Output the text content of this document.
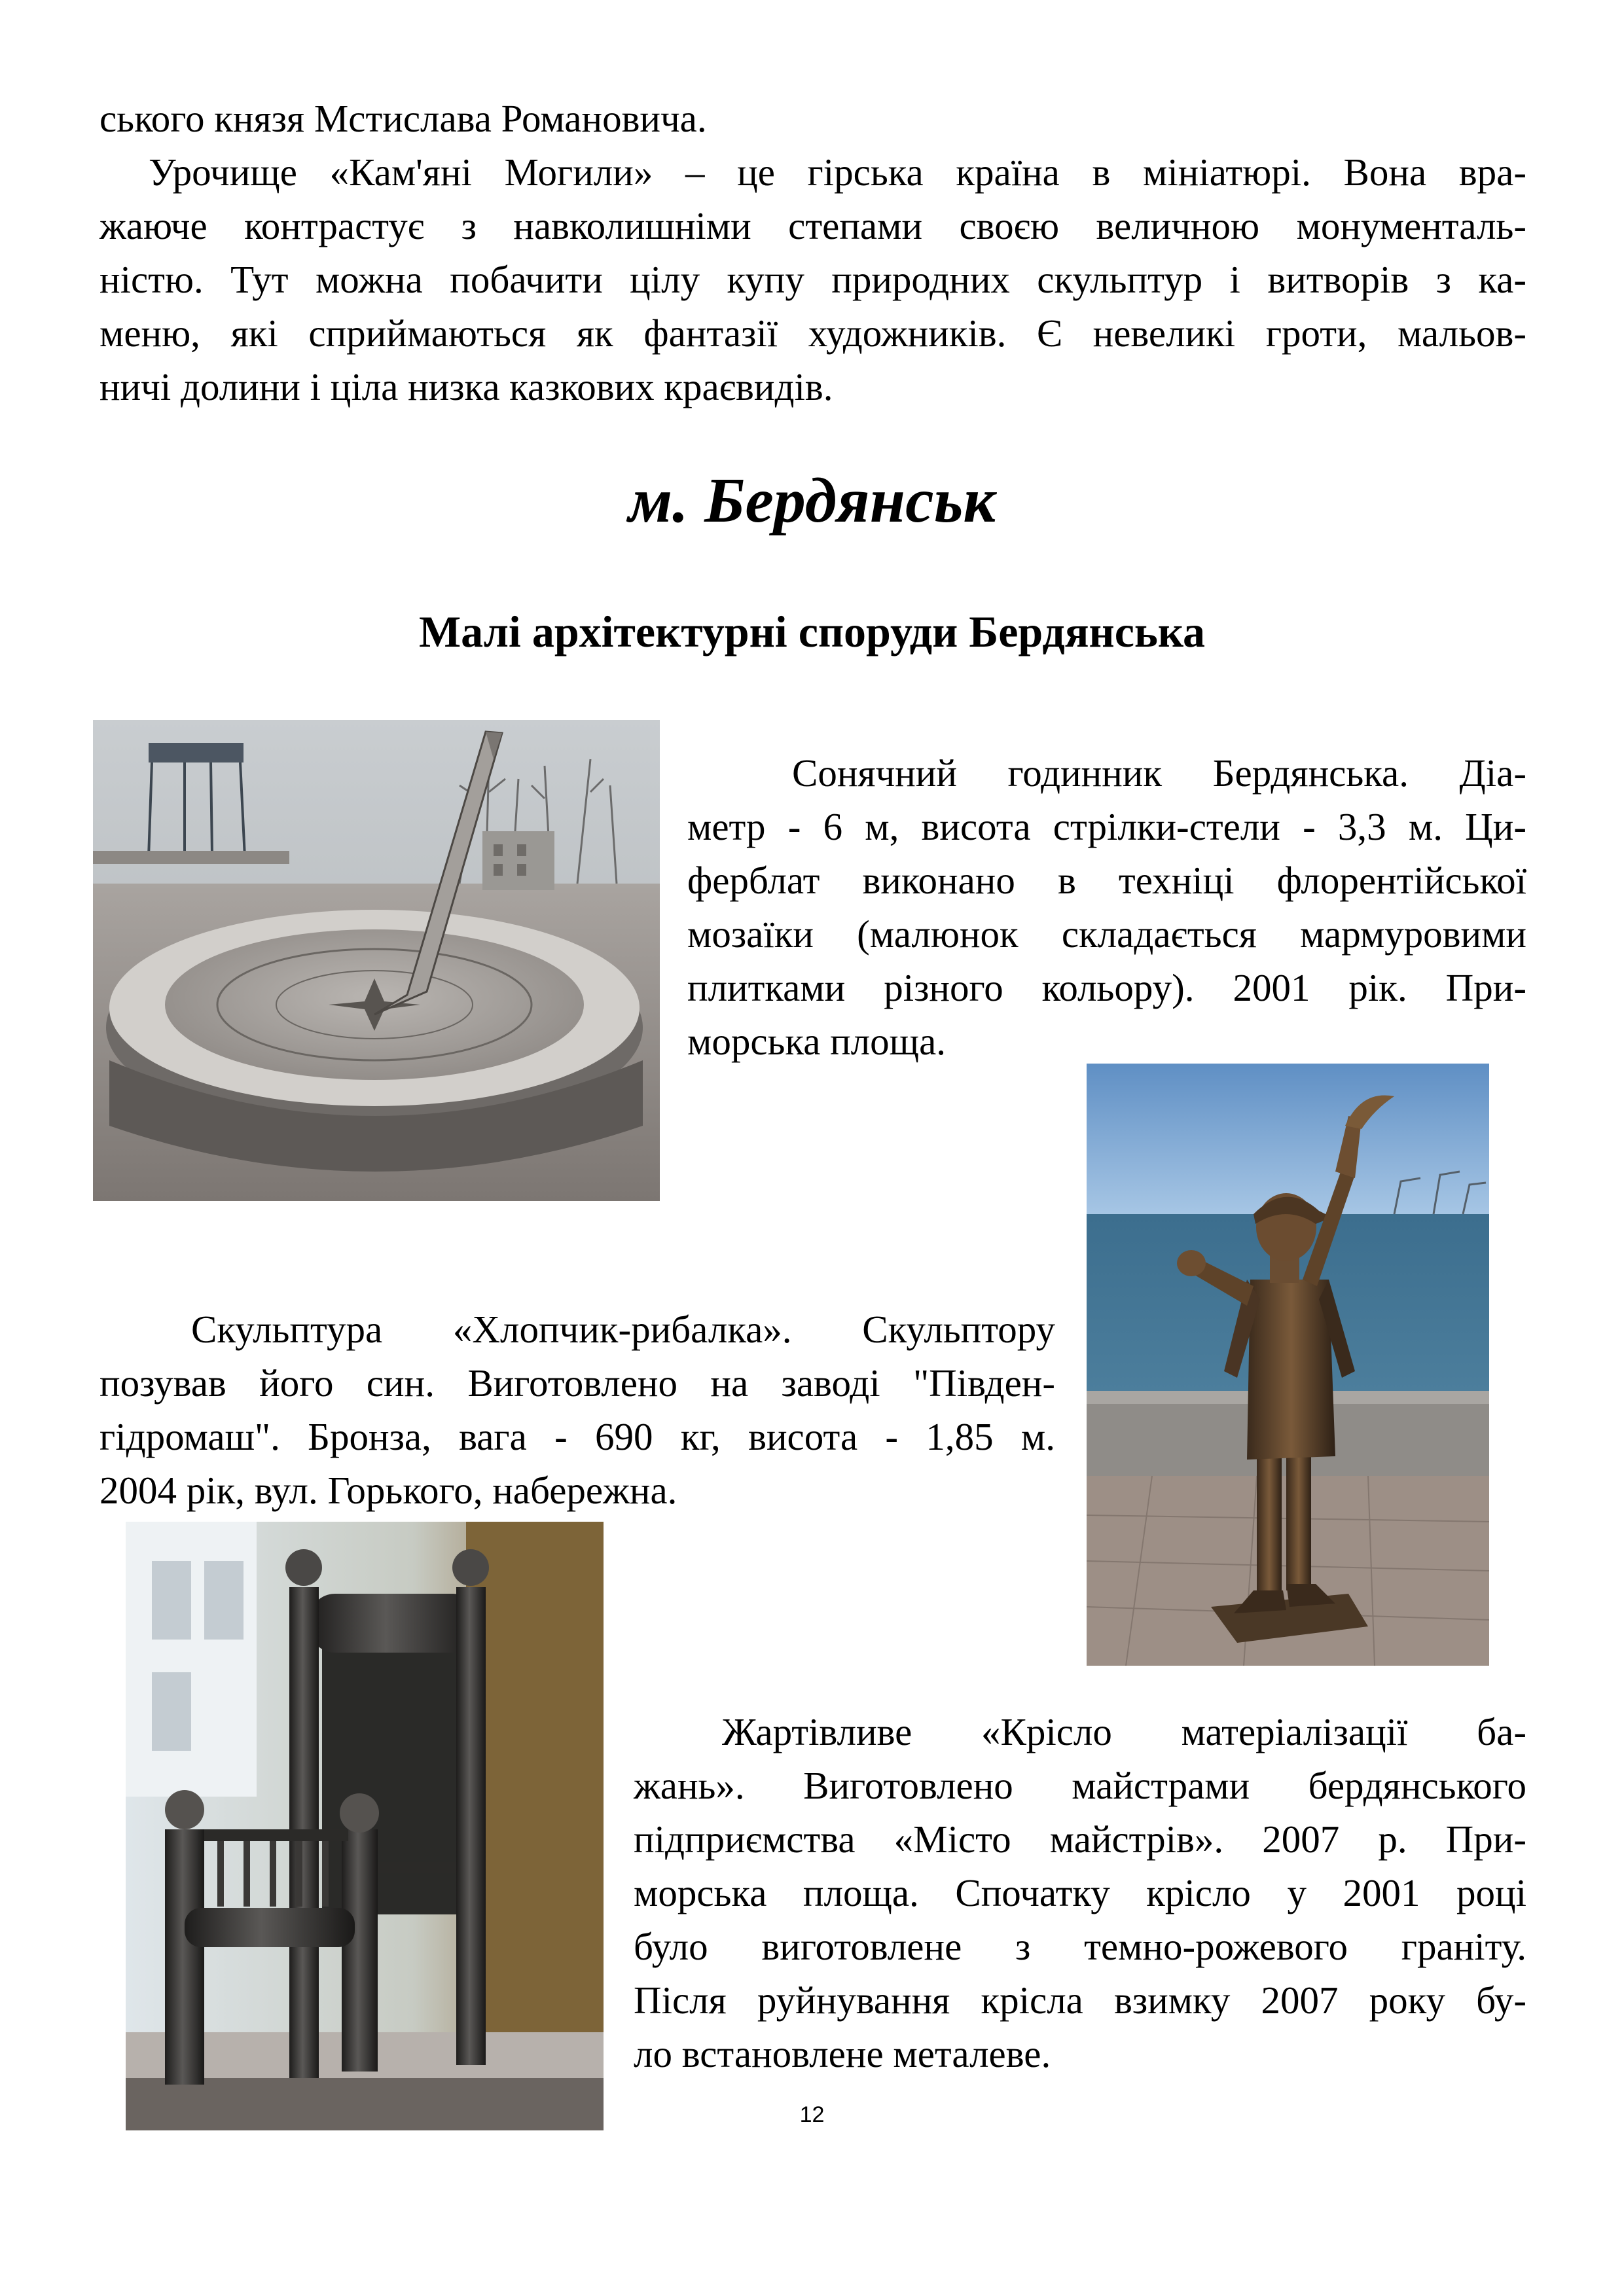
ського князя Мстислава Романовича.
Урочище «Кам'яні Могили» – це гірська країна в мініатюрі. Вона вра-
жаюче контрастує з навколишніми степами своєю величною монументаль-
ністю. Тут можна побачити цілу купу природних скульптур і витворів з ка-
меню, які сприймаються як фантазії художників. Є невеликі гроти, мальов-
ничі долини і ціла низка казкових краєвидів.
м. Бердянськ
Малі архітектурні споруди Бердянська
Сонячний годинник Бердянська. Діа-
метр - 6 м, висота стрілки-стели - 3,3 м. Ци-
ферблат виконано в техніці флорентійської
мозаїки (малюнок складається мармуровими
плитками різного кольору). 2001 рік. При-
морська площа.
Скульптура «Хлопчик-рибалка». Скульптору
позував його син. Виготовлено на заводі "Півден-
гідромаш". Бронза, вага - 690 кг, висота - 1,85 м.
2004 рік, вул. Горького, набережна.
Жартівливе «Крісло матеріалізації ба-
жань». Виготовлено майстрами бердянського
підприємства «Місто майстрів». 2007 р. При-
морська площа. Спочатку крісло у 2001 році
було виготовлене з темно-рожевого граніту.
Після руйнування крісла взимку 2007 року бу-
ло встановлене металеве.
12
